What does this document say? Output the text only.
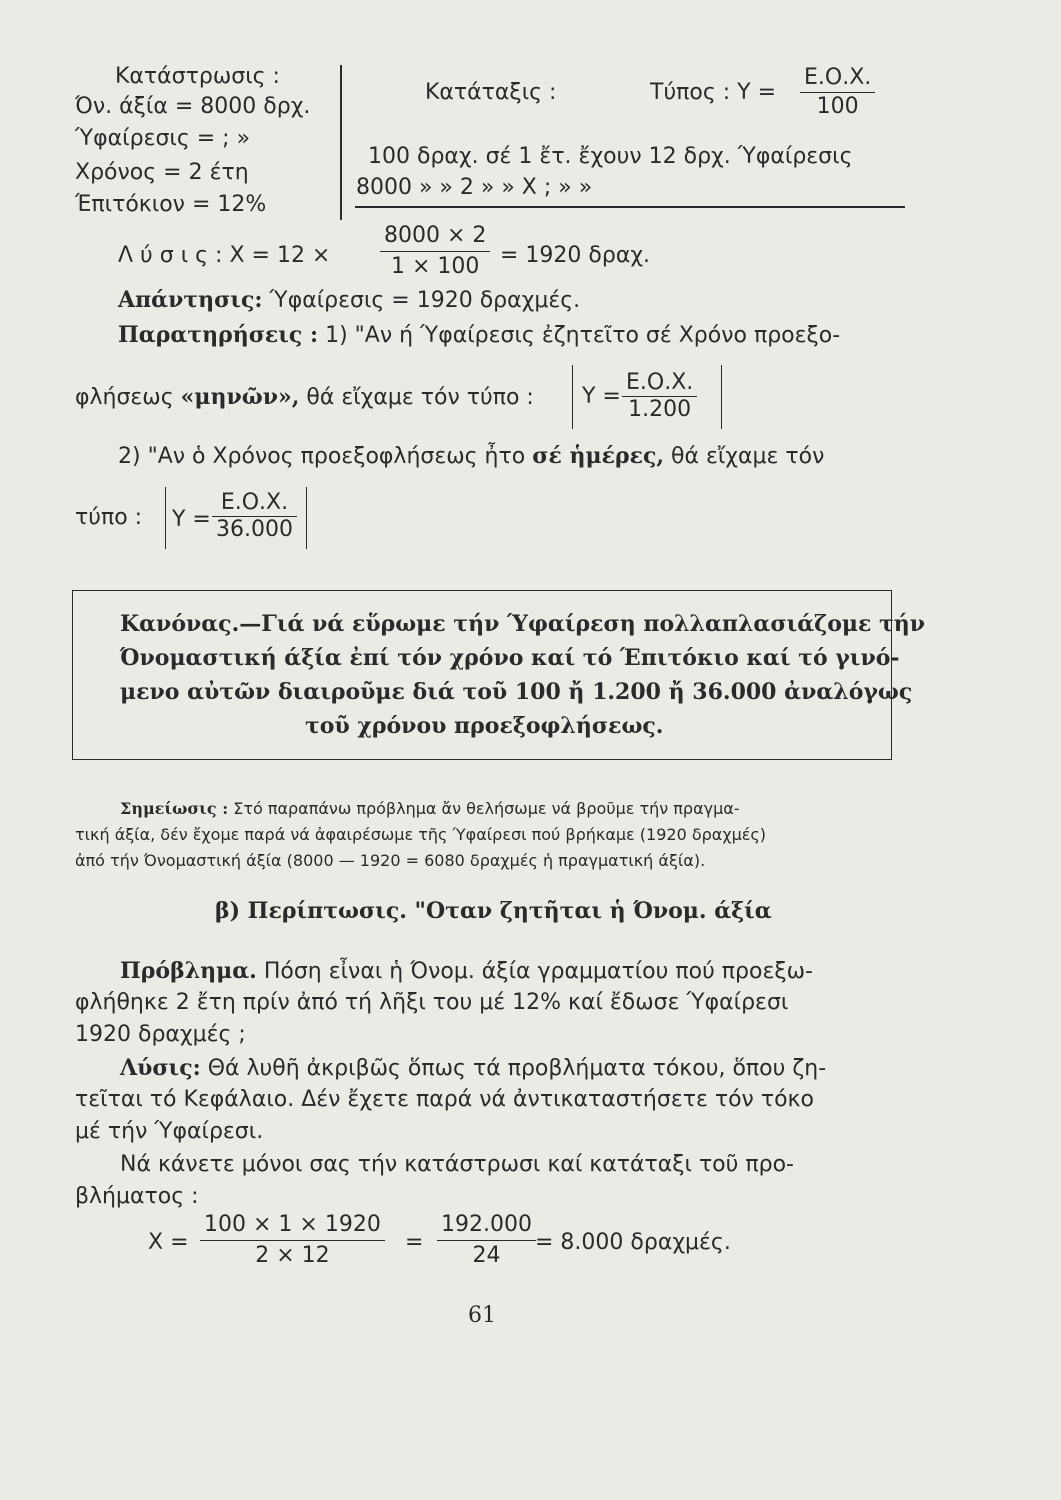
Κατάστρωσις :
Όν. άξία = 8000 δρχ.
Ύφαίρεσις = ; »
Χρόνος = 2 έτη
Έπιτόκιον = 12%
Κατάταξις :	Τύπος : $\Upsilon = \frac{E.O.X.}{100}$
100 δραχ. σέ 1 ἔτ. ἔχουν 12 δρχ. Ύφαίρεσις
8000 » » 2 » » Χ ; » »
Λ ύ σ ι ς : $X = 12 \times \frac{8000 \times 2}{1 \times 100} = 1920$ δραχ.
Απάντησις: Ύφαίρεσις = 1920 δραχμές.
Παρατηρήσεις : 1) "Αν ή Ύφαίρεσις ἐζητεῖτο σέ Χρόνο προεξο-
φλήσεως «μηνῶν», θά εἴχαμε τόν τύπο : $\Upsilon = \frac{E.O.X.}{1.200}$
2) "Αν ὁ Χρόνος προεξοφλήσεως ἦτο σέ ἡμέρες, θά εἴχαμε τόν
τύπο : $\Upsilon = \frac{E.O.X.}{36.000}$
Κανόνας.—Γιά νά εὕρωμε τήν Ύφαίρεση πολλαπλασιάζομε τήν
Όνομαστική άξία ἐπί τόν χρόνο καί τό Έπιτόκιο καί τό γινό-
μενο αὐτῶν διαιροῦμε διά τοῦ 100 ἤ 1.200 ἤ 36.000 ἀναλόγως
τοῦ χρόνου προεξοφλήσεως.
Σημείωσις : Στό παραπάνω πρόβλημα ἄν θελήσωμε νά βροῦμε τήν πραγμα-
τική άξία, δέν ἔχομε παρά νά ἀφαιρέσωμε τῆς Ύφαίρεσι πού βρήκαμε (1920 δραχμές)
ἀπό τήν Όνομαστική άξία (8000 — 1920 = 6080 δραχμές ἡ πραγματική άξία).
β) Περίπτωσις. "Οταν ζητῆται ἡ Όνομ. άξία
Πρόβλημα. Πόση εἶναι ἡ Όνομ. άξία γραμματίου πού προεξω-
φλήθηκε 2 ἔτη πρίν ἀπό τή λῆξι του μέ 12% καί ἔδωσε Ύφαίρεσι
1920 δραχμές ;
Λύσις: Θά λυθῆ ἀκριβῶς ὅπως τά προβλήματα τόκου, ὅπου ζη-
τεῖται τό Κεφάλαιο. Δέν ἔχετε παρά νά ἀντικαταστήσετε τόν τόκο
μέ τήν Ύφαίρεσι.
Νά κάνετε μόνοι σας τήν κατάστρωσι καί κατάταξι τοῦ προ-
βλήματος :
$X = \frac{100 \times 1 \times 1920}{2 \times 12} = \frac{192.000}{24} = 8.000$ δραχμές.
61
